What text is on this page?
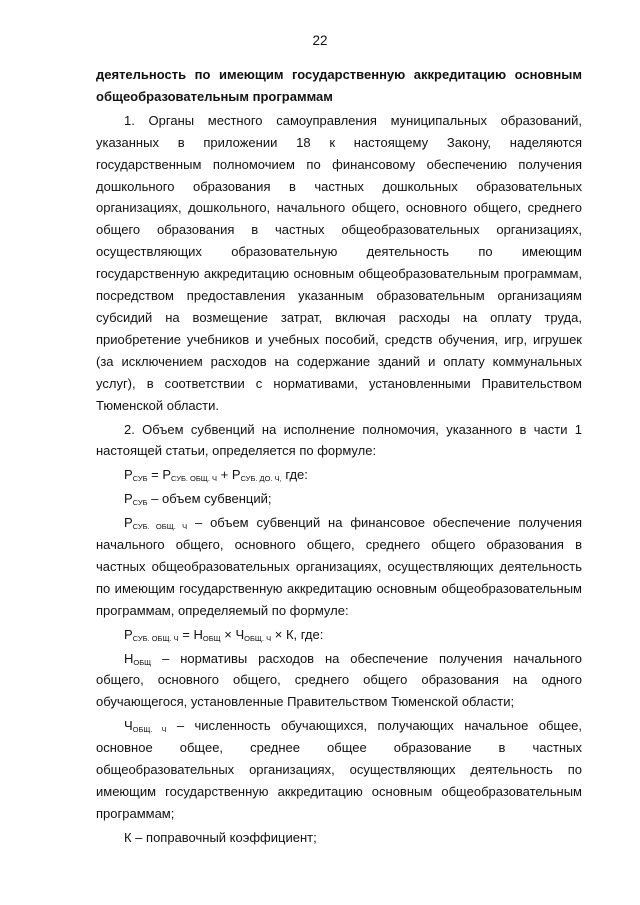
22

деятельность по имеющим государственную аккредитацию основным общеобразовательным программам

1. Органы местного самоуправления муниципальных образований, указанных в приложении 18 к настоящему Закону, наделяются государственным полномочием по финансовому обеспечению получения дошкольного образования в частных дошкольных образовательных организациях, дошкольного, начального общего, основного общего, среднего общего образования в частных общеобразовательных организациях, осуществляющих образовательную деятельность по имеющим государственную аккредитацию основным общеобразовательным программам, посредством предоставления указанным образовательным организациям субсидий на возмещение затрат, включая расходы на оплату труда, приобретение учебников и учебных пособий, средств обучения, игр, игрушек (за исключением расходов на содержание зданий и оплату коммунальных услуг), в соответствии с нормативами, установленными Правительством Тюменской области.

2. Объем субвенций на исполнение полномочия, указанного в части 1 настоящей статьи, определяется по формуле:

$Р_{СУБ} = Р_{СУБ. ОБЩ. Ч} + Р_{СУБ. ДО. Ч,}$ где:

$Р_{СУБ}$ – объем субвенций;

$Р_{СУБ. ОБЩ. Ч}$ – объем субвенций на финансовое обеспечение получения начального общего, основного общего, среднего общего образования в частных общеобразовательных организациях, осуществляющих деятельность по имеющим государственную аккредитацию основным общеобразовательным программам, определяемый по формуле:

$Р_{СУБ. ОБЩ. Ч} = Н_{ОБЩ} \times Ч_{ОБЩ. Ч} \times К$, где:

$Н_{ОБЩ}$ – нормативы расходов на обеспечение получения начального общего, основного общего, среднего общего образования на одного обучающегося, установленные Правительством Тюменской области;

$Ч_{ОБЩ. Ч}$ – численность обучающихся, получающих начальное общее, основное общее, среднее общее образование в частных общеобразовательных организациях, осуществляющих деятельность по имеющим государственную аккредитацию основным общеобразовательным программам;

К – поправочный коэффициент;
